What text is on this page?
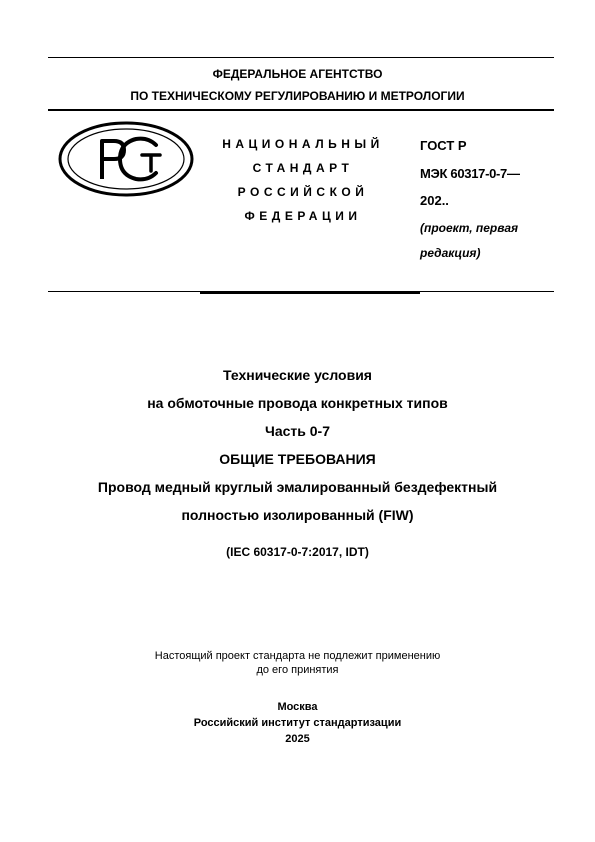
ФЕДЕРАЛЬНОЕ АГЕНТСТВО
ПО ТЕХНИЧЕСКОМУ РЕГУЛИРОВАНИЮ И МЕТРОЛОГИИ
НАЦИОНАЛЬНЫЙ
СТАНДАРТ
РОССИЙСКОЙ
ФЕДЕРАЦИИ
ГОСТ Р
МЭК 60317-0-7—
202..
(проект, первая
редакция)
Технические условия
на обмоточные провода конкретных типов
Часть 0-7
ОБЩИЕ ТРЕБОВАНИЯ
Провод медный круглый эмалированный бездефектный
полностью изолированный (FIW)
(IEC 60317-0-7:2017, IDT)
Настоящий проект стандарта не подлежит применению
до его принятия
Москва
Российский институт стандартизации
2025
